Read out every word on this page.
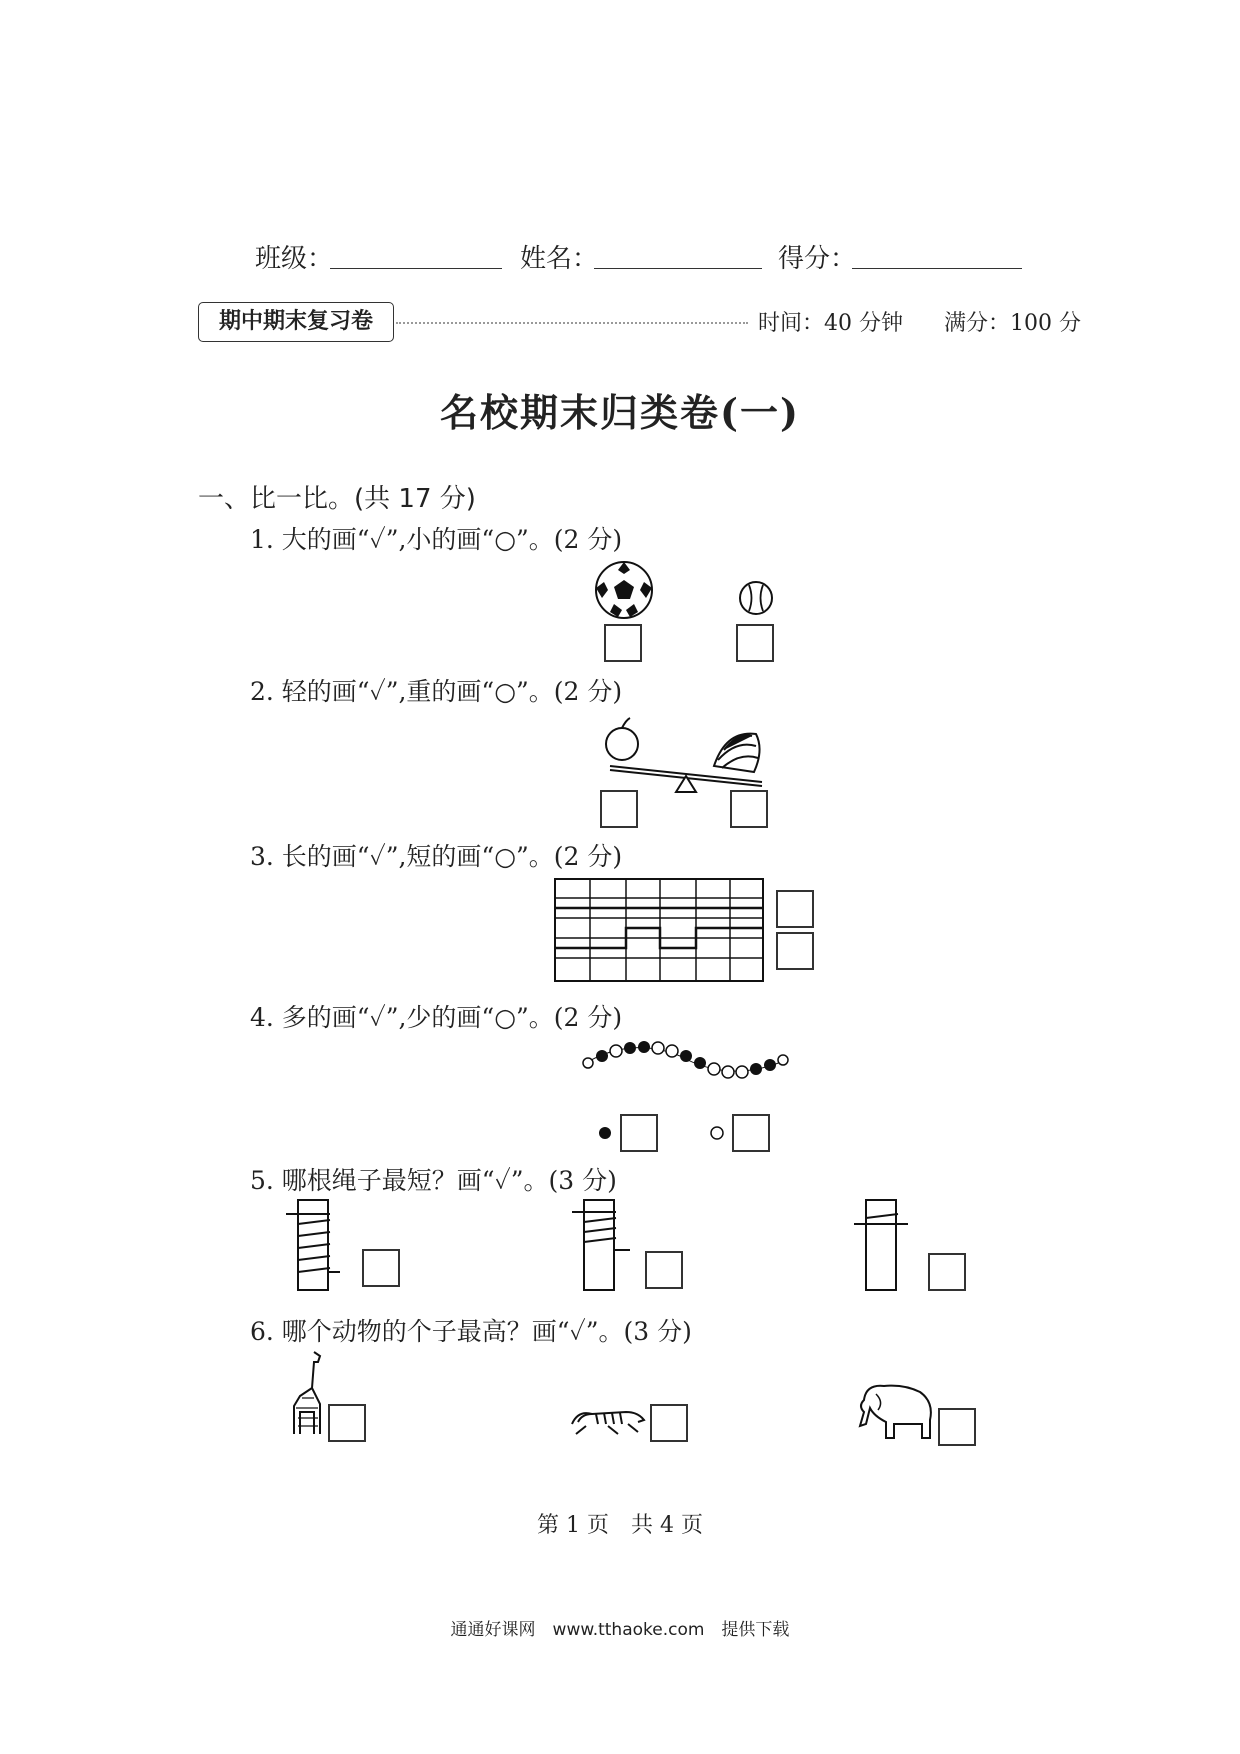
班级：	姓名：	得分：
期中期末复习卷	时间：40 分钟 满分：100 分
名校期末归类卷(一)
一、比一比。(共 17 分)
1. 大的画“✓”,小的画“○”。(2 分)
2. 轻的画“✓”,重的画“○”。(2 分)
3. 长的画“✓”,短的画“○”。(2 分)
4. 多的画“✓”,少的画“○”。(2 分)
5. 哪根绳子最短？画“✓”。(3 分)
6. 哪个动物的个子最高？画“✓”。(3 分)
第 1 页　共 4 页
通通好课网　www.tthaoke.com　提供下载
